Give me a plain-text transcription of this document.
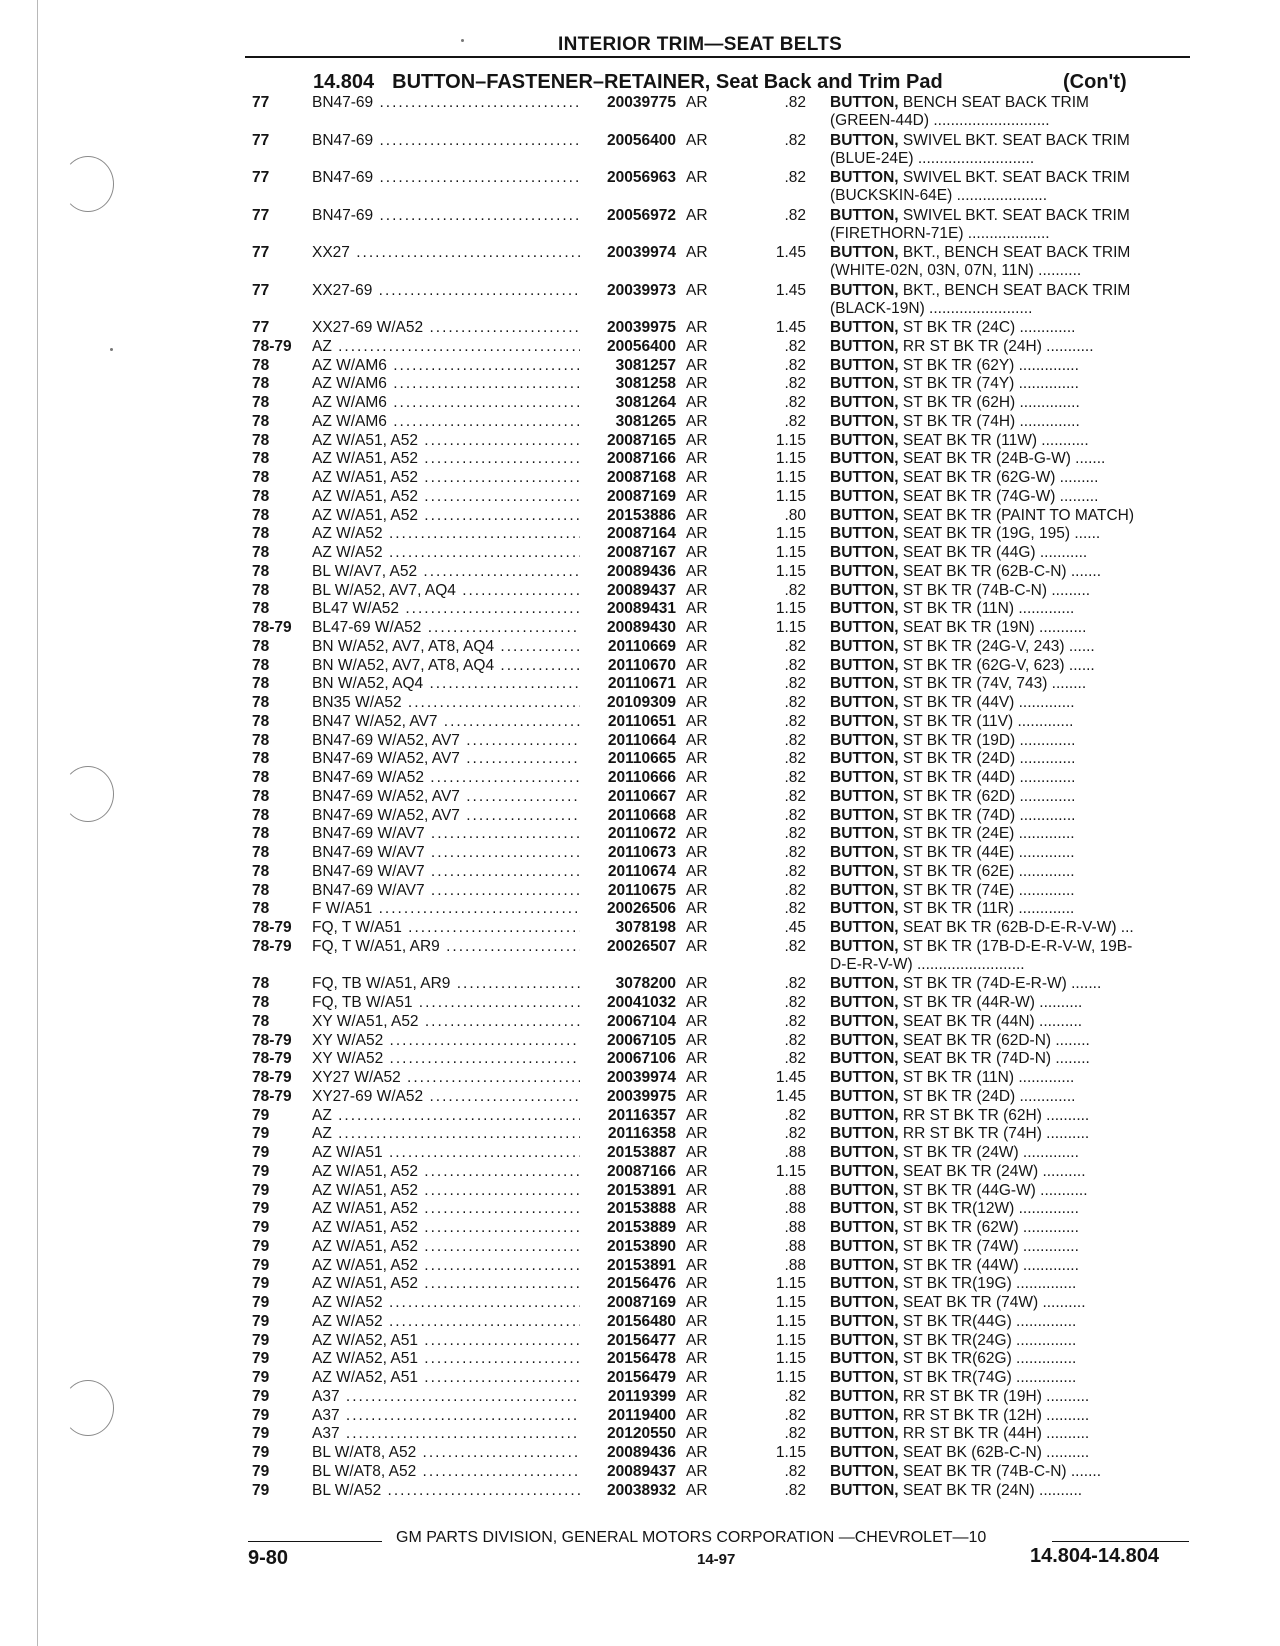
INTERIOR TRIM—SEAT BELTS
14.804 BUTTON–FASTENER–RETAINER, Seat Back and Trim Pad	(Con't)
77	BN47-69 .....	20039775 AR	.82 BUTTON, BENCH SEAT BACK TRIM
(GREEN-44D) ...........................
77	BN47-69 .....	20056400 AR	.82 BUTTON, SWIVEL BKT. SEAT BACK TRIM
(BLUE-24E) ...........................
77	BN47-69 .....	20056963 AR	.82 BUTTON, SWIVEL BKT. SEAT BACK TRIM
(BUCKSKIN-64E) .....................
77	BN47-69 .....	20056972 AR	.82 BUTTON, SWIVEL BKT. SEAT BACK TRIM
(FIRETHORN-71E) ...................
77	XX27 .....	20039974 AR	1.45 BUTTON, BKT., BENCH SEAT BACK TRIM
(WHITE-02N, 03N, 07N, 11N) ..........
77	XX27-69 .....	20039973 AR	1.45 BUTTON, BKT., BENCH SEAT BACK TRIM
(BLACK-19N) ........................
77	XX27-69 W/A52 .....	20039975 AR	1.45 BUTTON, ST BK TR (24C) .............
78-79 AZ .....	20056400 AR	.82 BUTTON, RR ST BK TR (24H) ...........
78	AZ W/AM6 .....	3081257 AR	.82 BUTTON, ST BK TR (62Y) ..............
78	AZ W/AM6 .....	3081258 AR	.82 BUTTON, ST BK TR (74Y) ..............
78	AZ W/AM6 .....	3081264 AR	.82 BUTTON, ST BK TR (62H) ..............
78	AZ W/AM6 .....	3081265 AR	.82 BUTTON, ST BK TR (74H) ..............
78	AZ W/A51, A52 .....	20087165 AR	1.15 BUTTON, SEAT BK TR (11W) ...........
78	AZ W/A51, A52 .....	20087166 AR	1.15 BUTTON, SEAT BK TR (24B-G-W) .......
78	AZ W/A51, A52 .....	20087168 AR	1.15 BUTTON, SEAT BK TR (62G-W) .........
78	AZ W/A51, A52 .....	20087169 AR	1.15 BUTTON, SEAT BK TR (74G-W) .........
78	AZ W/A51, A52 .....	20153886 AR	.80 BUTTON, SEAT BK TR (PAINT TO MATCH)
78	AZ W/A52 .....	20087164 AR	1.15 BUTTON, SEAT BK TR (19G, 195) ......
78	AZ W/A52 .....	20087167 AR	1.15 BUTTON, SEAT BK TR (44G) ...........
78	BL W/AV7, A52 .....	20089436 AR	1.15 BUTTON, SEAT BK TR (62B-C-N) .......
78	BL W/A52, AV7, AQ4 .....	20089437 AR	.82 BUTTON, ST BK TR (74B-C-N) .........
78	BL47 W/A52 .....	20089431 AR	1.15 BUTTON, ST BK TR (11N) .............
78-79 BL47-69 W/A52 .....	20089430 AR	1.15 BUTTON, SEAT BK TR (19N) ...........
78	BN W/A52, AV7, AT8, AQ4 .....	20110669 AR	.82 BUTTON, ST BK TR (24G-V, 243) ......
78	BN W/A52, AV7, AT8, AQ4 .....	20110670 AR	.82 BUTTON, ST BK TR (62G-V, 623) ......
78	BN W/A52, AQ4 .....	20110671 AR	.82 BUTTON, ST BK TR (74V, 743) ........
78	BN35 W/A52 .....	20109309 AR	.82 BUTTON, ST BK TR (44V) .............
78	BN47 W/A52, AV7 .....	20110651 AR	.82 BUTTON, ST BK TR (11V) .............
78	BN47-69 W/A52, AV7 .....	20110664 AR	.82 BUTTON, ST BK TR (19D) .............
78	BN47-69 W/A52, AV7 .....	20110665 AR	.82 BUTTON, ST BK TR (24D) .............
78	BN47-69 W/A52 .....	20110666 AR	.82 BUTTON, ST BK TR (44D) .............
78	BN47-69 W/A52, AV7 .....	20110667 AR	.82 BUTTON, ST BK TR (62D) .............
78	BN47-69 W/A52, AV7 .....	20110668 AR	.82 BUTTON, ST BK TR (74D) .............
78	BN47-69 W/AV7 .....	20110672 AR	.82 BUTTON, ST BK TR (24E) .............
78	BN47-69 W/AV7 .....	20110673 AR	.82 BUTTON, ST BK TR (44E) .............
78	BN47-69 W/AV7 .....	20110674 AR	.82 BUTTON, ST BK TR (62E) .............
78	BN47-69 W/AV7 .....	20110675 AR	.82 BUTTON, ST BK TR (74E) .............
78	F W/A51 .....	20026506 AR	.82 BUTTON, ST BK TR (11R) .............
78-79 FQ, T W/A51 .....	3078198 AR	.45 BUTTON, SEAT BK TR (62B-D-E-R-V-W) ...
78-79 FQ, T W/A51, AR9 .....	20026507 AR	.82 BUTTON, ST BK TR (17B-D-E-R-V-W, 19B-
D-E-R-V-W) .........................
78	FQ, TB W/A51, AR9 .....	3078200 AR	.82 BUTTON, ST BK TR (74D-E-R-W) .......
78	FQ, TB W/A51 .....	20041032 AR	.82 BUTTON, ST BK TR (44R-W) ..........
78	XY W/A51, A52 .....	20067104 AR	.82 BUTTON, SEAT BK TR (44N) ..........
78-79 XY W/A52 .....	20067105 AR	.82 BUTTON, SEAT BK TR (62D-N) ........
78-79 XY W/A52 .....	20067106 AR	.82 BUTTON, SEAT BK TR (74D-N) ........
78-79 XY27 W/A52 .....	20039974 AR	1.45 BUTTON, ST BK TR (11N) .............
78-79 XY27-69 W/A52 .....	20039975 AR	1.45 BUTTON, ST BK TR (24D) .............
79	AZ .....	20116357 AR	.82 BUTTON, RR ST BK TR (62H) ..........
79	AZ .....	20116358 AR	.82 BUTTON, RR ST BK TR (74H) ..........
79	AZ W/A51 .....	20153887 AR	.88 BUTTON, ST BK TR (24W) .............
79	AZ W/A51, A52 .....	20087166 AR	1.15 BUTTON, SEAT BK TR (24W) ..........
79	AZ W/A51, A52 .....	20153891 AR	.88 BUTTON, ST BK TR (44G-W) ...........
79	AZ W/A51, A52 .....	20153888 AR	.88 BUTTON, ST BK TR(12W) ..............
79	AZ W/A51, A52 .....	20153889 AR	.88 BUTTON, ST BK TR (62W) .............
79	AZ W/A51, A52 .....	20153890 AR	.88 BUTTON, ST BK TR (74W) .............
79	AZ W/A51, A52 .....	20153891 AR	.88 BUTTON, ST BK TR (44W) .............
79	AZ W/A51, A52 .....	20156476 AR	1.15 BUTTON, ST BK TR(19G) ..............
79	AZ W/A52 .....	20087169 AR	1.15 BUTTON, SEAT BK TR (74W) ..........
79	AZ W/A52 .....	20156480 AR	1.15 BUTTON, ST BK TR(44G) ..............
79	AZ W/A52, A51 .....	20156477 AR	1.15 BUTTON, ST BK TR(24G) ..............
79	AZ W/A52, A51 .....	20156478 AR	1.15 BUTTON, ST BK TR(62G) ..............
79	AZ W/A52, A51 .....	20156479 AR	1.15 BUTTON, ST BK TR(74G) ..............
79	A37 .....	20119399 AR	.82 BUTTON, RR ST BK TR (19H) ..........
79	A37 .....	20119400 AR	.82 BUTTON, RR ST BK TR (12H) ..........
79	A37 .....	20120550 AR	.82 BUTTON, RR ST BK TR (44H) ..........
79	BL W/AT8, A52 .....	20089436 AR	1.15 BUTTON, SEAT BK (62B-C-N) ..........
79	BL W/AT8, A52 .....	20089437 AR	.82 BUTTON, SEAT BK TR (74B-C-N) .......
79	BL W/A52 .....	20038932 AR	.82 BUTTON, SEAT BK TR (24N) ..........
GM PARTS DIVISION, GENERAL MOTORS CORPORATION —CHEVROLET—10
9-80	14-97	14.804-14.804
